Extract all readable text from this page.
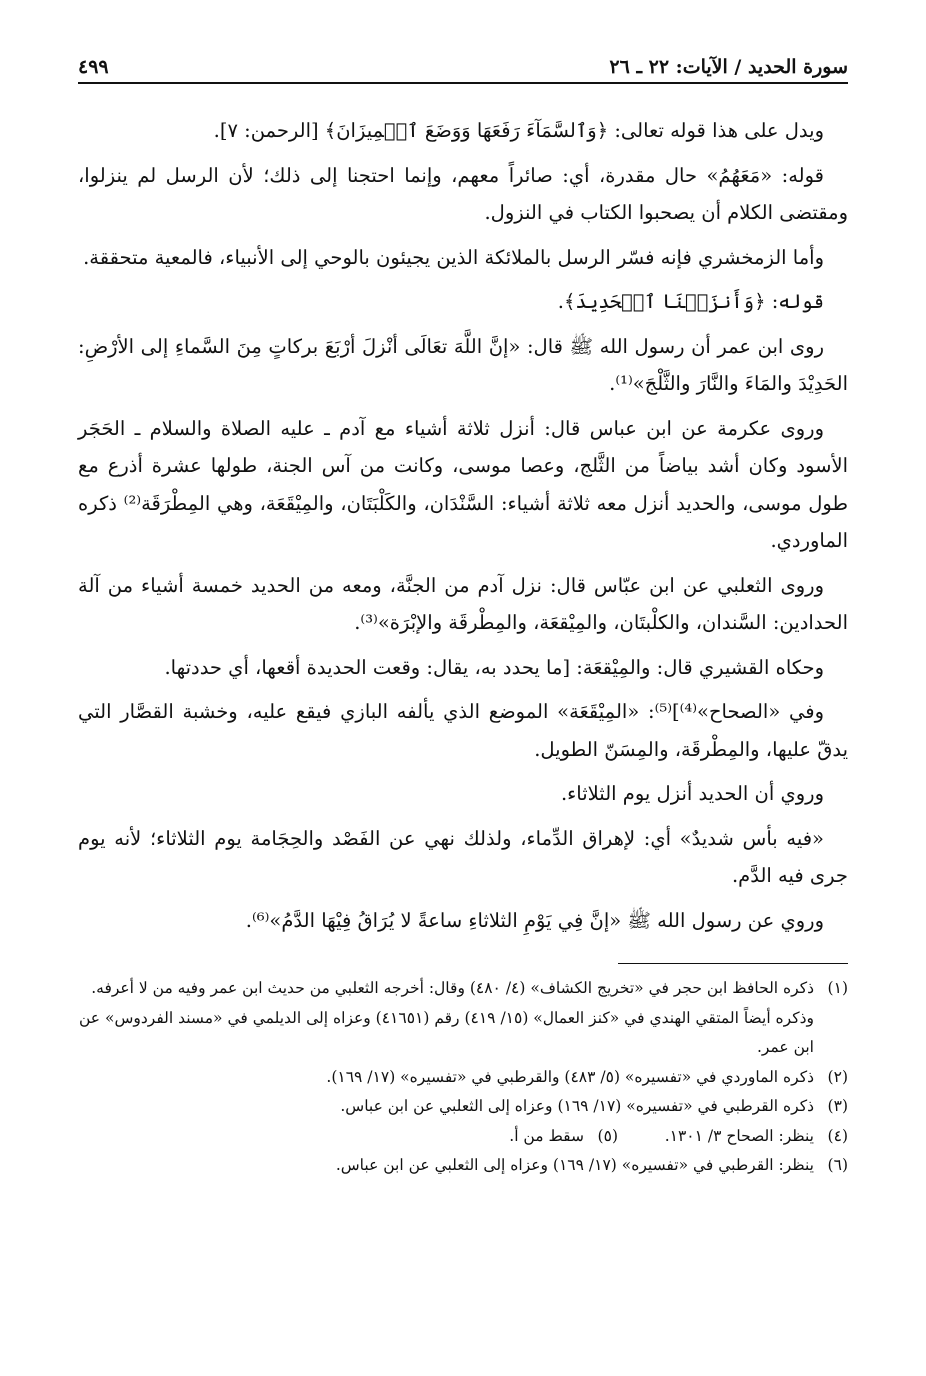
سورة الحديد / الآيات: ٢٢ ـ ٢٦
٤٩٩

ويدل على هذا قوله تعالى: ﴿وَٱلسَّمَآءَ رَفَعَهَا وَوَضَعَ ٱلۡمِيزَانَ﴾ [الرحمن: ٧].

قوله: «مَعَهُمُ» حال مقدرة، أي: صائراً معهم، وإنما احتجنا إلى ذلك؛ لأن الرسل لم ينزلوا، ومقتضى الكلام أن يصحبوا الكتاب في النزول.

وأما الزمخشري فإنه فسّر الرسل بالملائكة الذين يجيئون بالوحي إلى الأنبياء، فالمعية متحققة.

قوله: ﴿وَأَنزَلۡنَا ٱلۡحَدِيدَ﴾.

روى ابن عمر أن رسول الله ﷺ قال: «إنَّ اللَّهَ تعَالَى أنْزلَ أرْبَعَ بركاتٍ مِنَ السَّماءِ إلى الأرْضِ: الحَدِيْدَ والمَاءَ والنَّارَ والثَّلْجَ»⁽¹⁾.

وروى عكرمة عن ابن عباس قال: أنزل ثلاثة أشياء مع آدم ـ عليه الصلاة والسلام ـ الحَجَر الأسود وكان أشد بياضاً من الثَّلج، وعصا موسى، وكانت من آس الجنة، طولها عشرة أذرع مع طول موسى، والحديد أنزل معه ثلاثة أشياء: السَّنْدَان، والكَلْبَتَان، والمِيْقَعَة، وهي المِطْرَقَة⁽²⁾ ذكره الماوردي.

وروى الثعلبي عن ابن عبّاس قال: نزل آدم من الجنَّة، ومعه من الحديد خمسة أشياء من آلة الحدادين: السَّندان، والكلْبتَان، والمِيْقعَة، والمِطْرقَة والإبْرَة»⁽³⁾.

وحكاه القشيري قال: والمِيْقعَة: [ما يحدد به، يقال: وقعت الحديدة أقعها، أي حددتها.

وفي «الصحاح»⁽⁴⁾]⁽⁵⁾: «المِيْقَعَة» الموضع الذي يألفه البازي فيقع عليه، وخشبة القصَّار التي يدقّ عليها، والمِطْرقَة، والمِسَنّ الطويل.

وروي أن الحديد أنزل يوم الثلاثاء.

«فيه بأس شديدٌ» أي: لإهراق الدِّماء، ولذلك نهي عن الفَصْد والحِجَامة يوم الثلاثاء؛ لأنه يوم جرى فيه الدَّم.

وروي عن رسول الله ﷺ «إنَّ فِي يَوْمِ الثلاثاءِ ساعةً لا يُرَاقُ فِيْهَا الدَّمُ»⁽⁶⁾.

(١)
ذكره الحافظ ابن حجر في «تخريج الكشاف» (٤/ ٤٨٠) وقال: أخرجه الثعلبي من حديث ابن عمر وفيه من لا أعرفه.
وذكره أيضاً المتقي الهندي في «كنز العمال» (١٥/ ٤١٩) رقم (٤١٦٥١) وعزاه إلى الديلمي في «مسند الفردوس» عن ابن عمر.
(٢)
ذكره الماوردي في «تفسيره» (٥/ ٤٨٣) والقرطبي في «تفسيره» (١٧/ ١٦٩).
(٣)
ذكره القرطبي في «تفسيره» (١٧/ ١٦٩) وعزاه إلى الثعلبي عن ابن عباس.
(٤)
ينظر: الصحاح ٣/ ١٣٠١.
(٥)
سقط من أ.
(٦)
ينظر: القرطبي في «تفسيره» (١٧/ ١٦٩) وعزاه إلى الثعلبي عن ابن عباس.
